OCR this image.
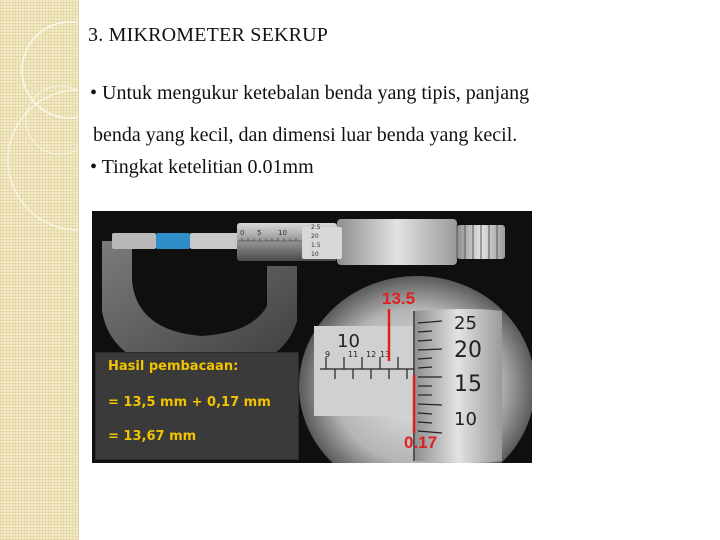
3. MIKROMETER SEKRUP
• Untuk mengukur ketebalan benda yang tipis, panjang
benda yang kecil, dan dimensi luar benda yang kecil.
• Tingkat ketelitian 0.01mm
0 5 10
2.5
20
1.5
10
10
9 11 12 13
25
20
15
10
13.5
0.17
Hasil pembacaan:
= 13,5 mm + 0,17 mm
= 13,67 mm
